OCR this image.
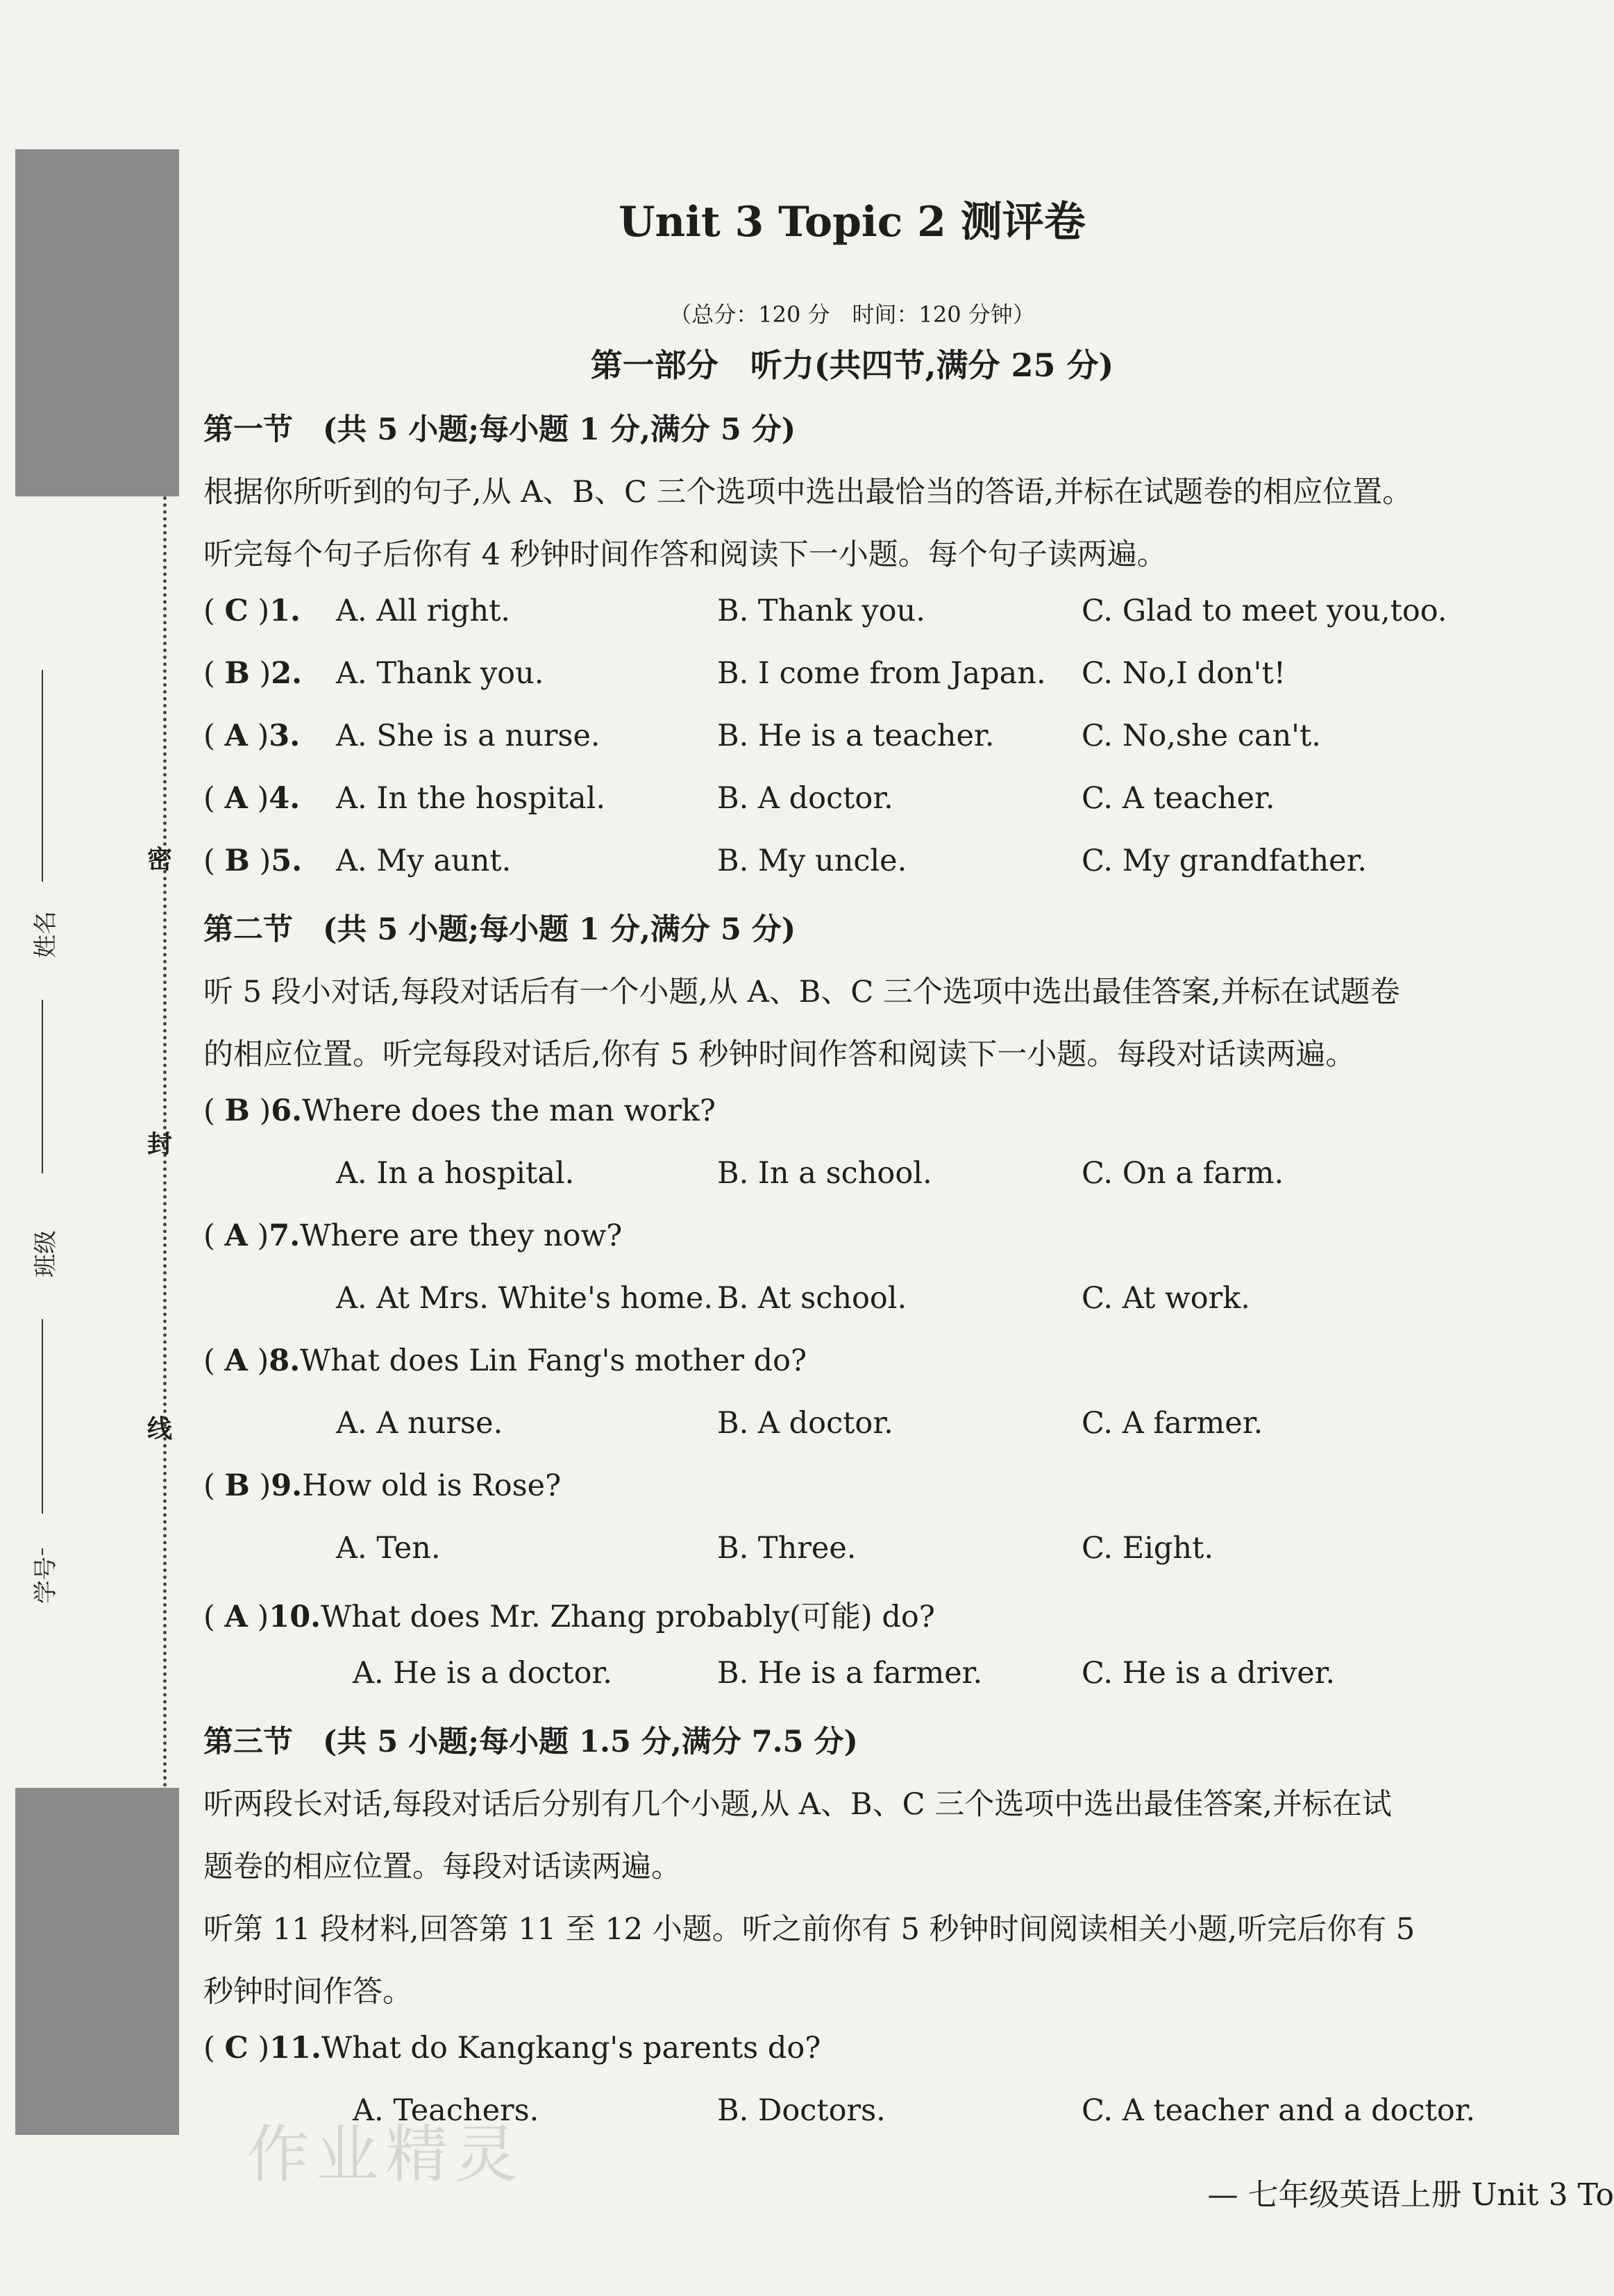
密
封
线
姓名
班级
学号
Unit 3 Topic 2 测评卷
（总分：120 分　时间：120 分钟）
第一部分　听力(共四节,满分 25 分)
第一节　(共 5 小题;每小题 1 分,满分 5 分)
根据你所听到的句子,从 A、B、C 三个选项中选出最恰当的答语,并标在试题卷的相应位置。
听完每个句子后你有 4 秒钟时间作答和阅读下一小题。每个句子读两遍。
( C )1. A. All right.	B. Thank you.	C. Glad to meet you,too.
( B )2. A. Thank you.	B. I come from Japan. C. No,I don't!
( A )3. A. She is a nurse.	B. He is a teacher.	C. No,she can't.
( A )4. A. In the hospital.	B. A doctor.	C. A teacher.
( B )5. A. My aunt.	B. My uncle.	C. My grandfather.
第二节　(共 5 小题;每小题 1 分,满分 5 分)
听 5 段小对话,每段对话后有一个小题,从 A、B、C 三个选项中选出最佳答案,并标在试题卷
的相应位置。听完每段对话后,你有 5 秒钟时间作答和阅读下一小题。每段对话读两遍。
( B )6.Where does the man work?
A. In a hospital.	B. In a school.	C. On a farm.
( A )7.Where are they now?
A. At Mrs. White's home. B. At school.	C. At work.
( A )8.What does Lin Fang's mother do?
A. A nurse.	B. A doctor.	C. A farmer.
( B )9.How old is Rose?
A. Ten.	B. Three.	C. Eight.
( A )10.What does Mr. Zhang probably(可能) do?
A. He is a doctor.	B. He is a farmer.	C. He is a driver.
第三节　(共 5 小题;每小题 1.5 分,满分 7.5 分)
听两段长对话,每段对话后分别有几个小题,从 A、B、C 三个选项中选出最佳答案,并标在试
题卷的相应位置。每段对话读两遍。
听第 11 段材料,回答第 11 至 12 小题。听之前你有 5 秒钟时间阅读相关小题,听完后你有 5
秒钟时间作答。
( C )11.What do Kangkang's parents do?
A. Teachers.	B. Doctors.	C. A teacher and a doctor.
作业精灵
— 七年级英语上册 Unit 3 To
